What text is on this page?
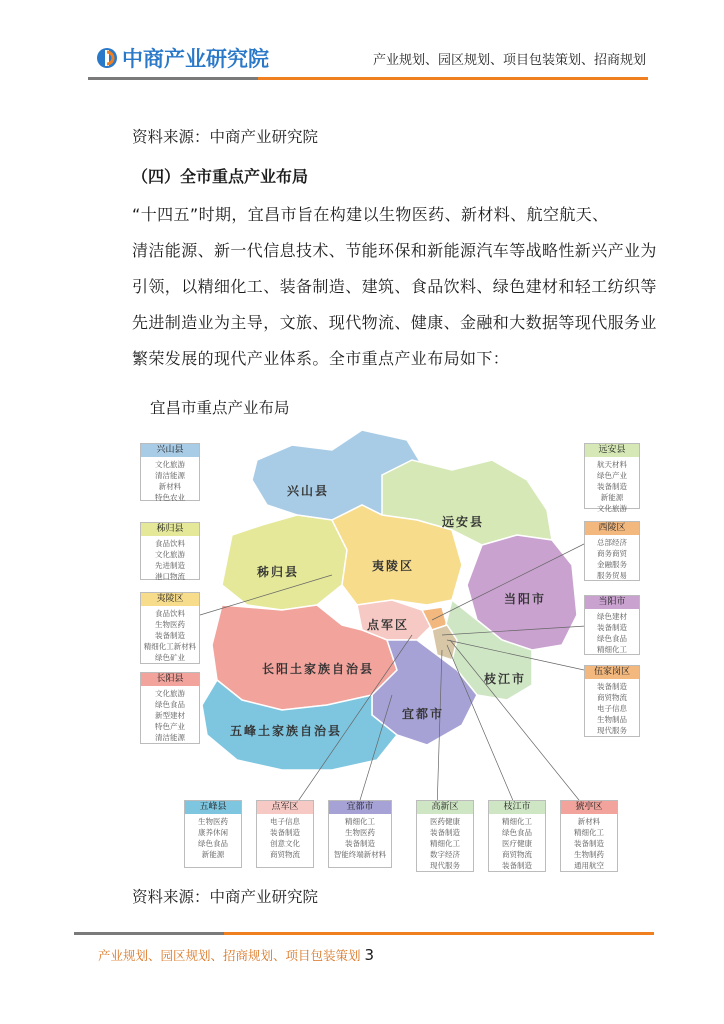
中商产业研究院	产业规划、园区规划、项目包装策划、招商规划
资料来源：中商产业研究院
（四）全市重点产业布局
“十四五”时期，宜昌市旨在构建以生物医药、新材料、航空航天、
清洁能源、新一代信息技术、节能环保和新能源汽车等战略性新兴产业为
引领，以精细化工、装备制造、建筑、食品饮料、绿色建材和轻工纺织等
先进制造业为主导，文旅、现代物流、健康、金融和大数据等现代服务业
繁荣发展的现代产业体系。全市重点产业布局如下：
宜昌市重点产业布局
兴山县
远安县
秭归县	夷陵区
当阳市
点军区
长阳土家族自治县
枝江市
宜都市
五峰土家族自治县
兴山县
文化旅游
清洁能源
新材料
特色农业
秭归县
食品饮料
文化旅游
先进制造
港口物流
夷陵区
食品饮料
生物医药
装备制造
精细化工新材料
绿色矿业
长阳县
文化旅游
绿色食品
新型建材
特色产业
清洁能源
远安县
航天材料
绿色产业
装备制造
新能源
文化旅游
西陵区
总部经济
商务商贸
金融服务
服务贸易
当阳市
绿色建材
装备制造
绿色食品
精细化工
伍家岗区
装备制造
商贸物流
电子信息
生物制品
现代服务
五峰县
生物医药
康养休闲
绿色食品
新能源
点军区
电子信息
装备制造
创意文化
商贸物流
宜都市
精细化工
生物医药
装备制造
智能终端新材料
高新区
医药健康
装备制造
精细化工
数字经济
现代服务
枝江市
精细化工
绿色食品
医疗健康
商贸物流
装备制造
猇亭区
新材料
精细化工
装备制造
生物制药
通用航空
资料来源：中商产业研究院
产业规划、园区规划、招商规划、项目包装策划 3
